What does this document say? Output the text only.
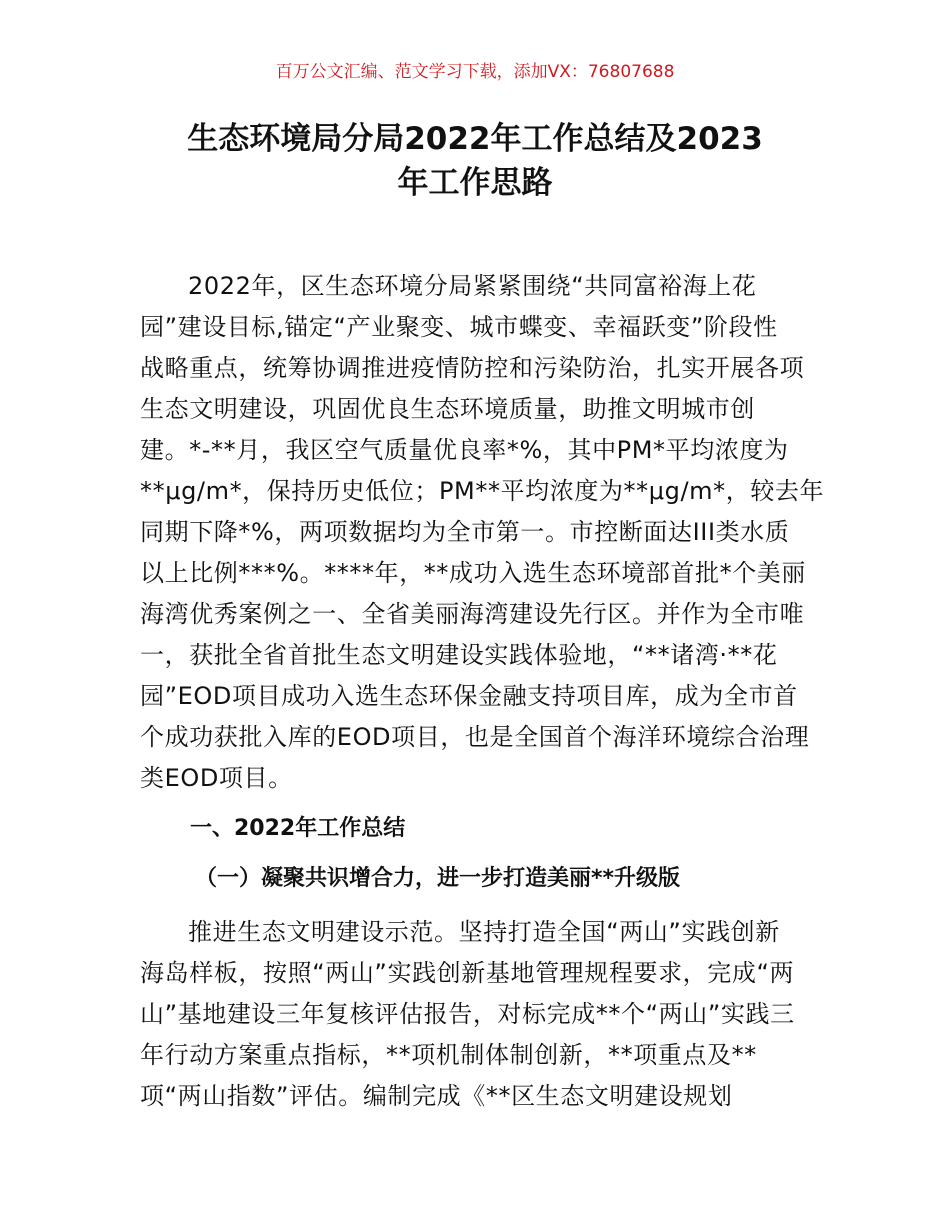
百万公文汇编、范文学习下载，添加VX：76807688
生态环境局分局2022年工作总结及2023
年工作思路
2022年，区生态环境分局紧紧围绕“共同富裕海上花
园”建设目标,锚定“产业聚变、城市蝶变、幸福跃变”阶段性
战略重点，统筹协调推进疫情防控和污染防治，扎实开展各项
生态文明建设，巩固优良生态环境质量，助推文明城市创
建。*-**月，我区空气质量优良率*%，其中PM*平均浓度为
**μg/m*，保持历史低位；PM**平均浓度为**μg/m*，较去年
同期下降*%，两项数据均为全市第一。市控断面达III类水质
以上比例***%。****年，**成功入选生态环境部首批*个美丽
海湾优秀案例之一、全省美丽海湾建设先行区。并作为全市唯
一，获批全省首批生态文明建设实践体验地，“**诸湾·**花
园”EOD项目成功入选生态环保金融支持项目库，成为全市首
个成功获批入库的EOD项目，也是全国首个海洋环境综合治理
类EOD项目。
一、2022年工作总结
（一）凝聚共识增合力，进一步打造美丽**升级版
推进生态文明建设示范。坚持打造全国“两山”实践创新
海岛样板，按照“两山”实践创新基地管理规程要求，完成“两
山”基地建设三年复核评估报告，对标完成**个“两山”实践三
年行动方案重点指标，**项机制体制创新，**项重点及**
项“两山指数”评估。编制完成《**区生态文明建设规划
